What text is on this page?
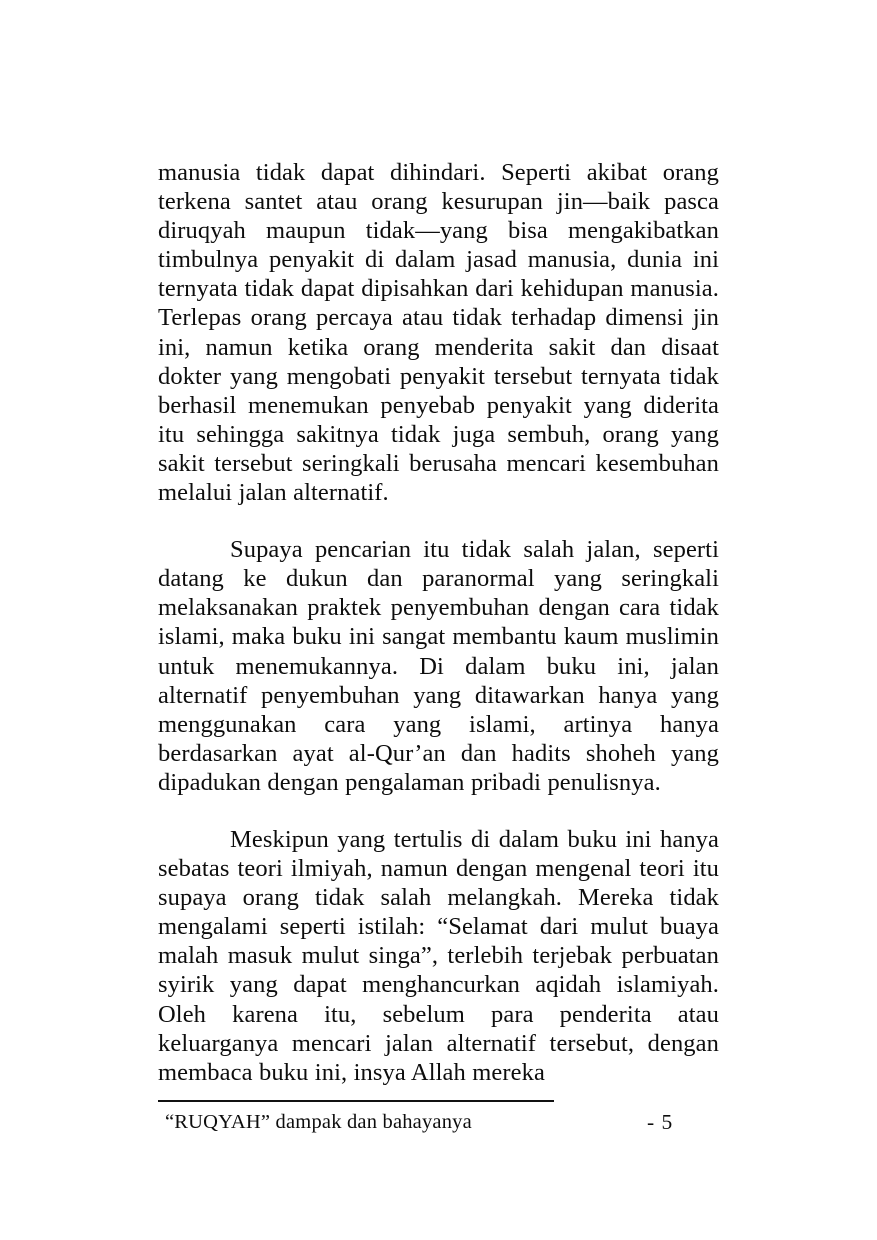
manusia tidak dapat dihindari. Seperti akibat orang terkena santet atau orang kesurupan jin—baik pasca diruqyah maupun tidak—yang bisa mengakibatkan timbulnya penyakit di dalam jasad manusia, dunia ini ternyata tidak dapat dipisahkan dari kehidupan manusia. Terlepas orang percaya atau tidak terhadap dimensi jin ini, namun ketika orang menderita sakit dan disaat dokter yang mengobati penyakit tersebut ternyata tidak berhasil menemukan penyebab penyakit yang diderita itu sehingga sakitnya tidak juga sembuh, orang yang sakit tersebut seringkali berusaha mencari kesembuhan melalui jalan alternatif.

Supaya pencarian itu tidak salah jalan, seperti datang ke dukun dan paranormal yang seringkali melaksanakan praktek penyembuhan dengan cara tidak islami, maka buku ini sangat membantu kaum muslimin untuk menemukannya. Di dalam buku ini, jalan alternatif penyembuhan yang ditawarkan hanya yang menggunakan cara yang islami, artinya hanya berdasarkan ayat al-Qur’an dan hadits shoheh yang dipadukan dengan pengalaman pribadi penulisnya.

Meskipun yang tertulis di dalam buku ini hanya sebatas teori ilmiyah, namun dengan mengenal teori itu supaya orang tidak salah melangkah. Mereka tidak mengalami seperti istilah: “Selamat dari mulut buaya malah masuk mulut singa”, terlebih terjebak perbuatan syirik yang dapat menghancurkan aqidah islamiyah. Oleh karena itu, sebelum para penderita atau keluarganya mencari jalan alternatif tersebut, dengan membaca buku ini, insya Allah mereka

“RUQYAH” dampak dan bahayanya	- 5
